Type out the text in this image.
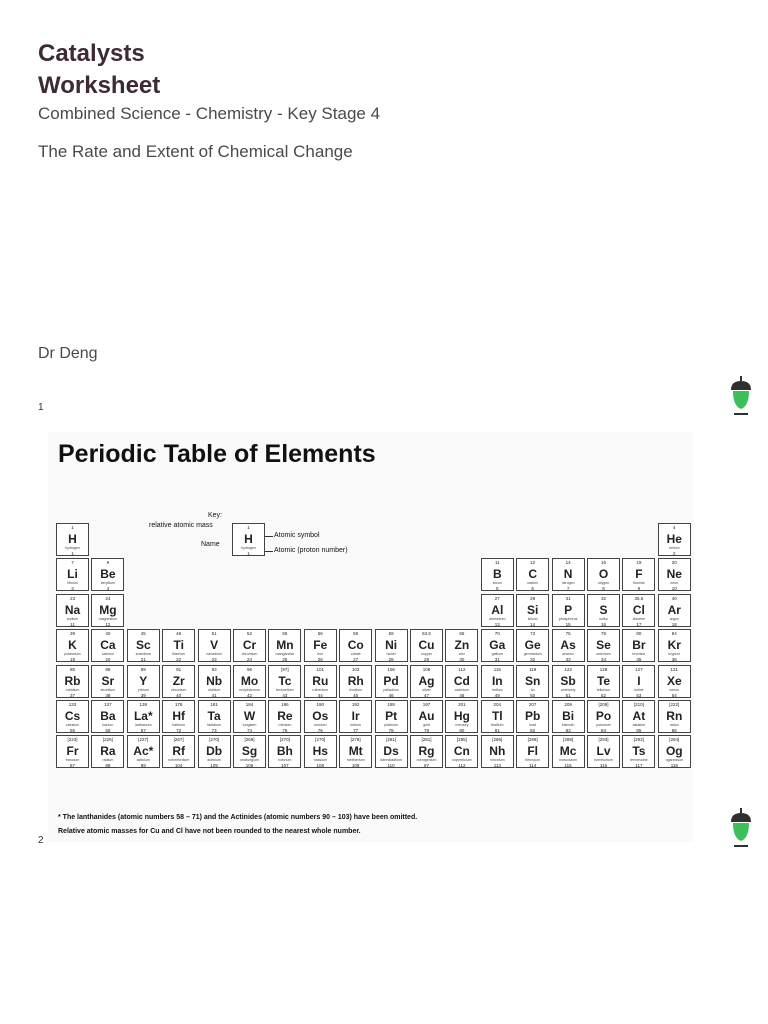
Catalysts
Worksheet
Combined Science - Chemistry - Key Stage 4
The Rate and Extent of Chemical Change
Dr Deng
1
2
Periodic Table of Elements
Key:
relative atomic mass
Name
Atomic symbol
Atomic (proton number)
1
H
hydrogen
1
1
H
hydrogen
1
4
He
helium
2
7
Li
lithium
3
9
Be
beryllium
4
11
B
boron
5
12
C
carbon
6
14
N
nitrogen
7
16
O
oxygen
8
19
F
fluorine
9
20
Ne
neon
10
23
Na
sodium
11
24
Mg
magnesium
12
27
Al
aluminium
13
28
Si
silicon
14
31
P
phosphorus
15
32
S
sulfur
16
35.5
Cl
chlorine
17
40
Ar
argon
18
39
K
potassium
19
40
Ca
calcium
20
45
Sc
scandium
21
48
Ti
titanium
22
51
V
vanadium
23
52
Cr
chromium
24
55
Mn
manganese
25
56
Fe
iron
26
59
Co
cobalt
27
59
Ni
nickel
28
63.5
Cu
copper
29
65
Zn
zinc
30
70
Ga
gallium
31
73
Ge
germanium
32
75
As
arsenic
33
79
Se
selenium
34
80
Br
bromine
35
84
Kr
krypton
36
85
Rb
rubidium
37
88
Sr
strontium
38
89
Y
yttrium
39
91
Zr
zirconium
40
93
Nb
niobium
41
96
Mo
molybdenum
42
[97]
Tc
technetium
43
101
Ru
ruthenium
44
103
Rh
rhodium
45
106
Pd
palladium
46
108
Ag
silver
47
112
Cd
cadmium
48
115
In
indium
49
119
Sn
tin
50
122
Sb
antimony
51
128
Te
tellurium
52
127
I
iodine
53
131
Xe
xenon
54
133
Cs
caesium
55
137
Ba
barium
56
139
La*
lanthanum
57
178
Hf
hafnium
72
181
Ta
tantalum
73
184
W
tungsten
74
186
Re
rhenium
75
190
Os
osmium
76
192
Ir
iridium
77
195
Pt
platinum
78
197
Au
gold
79
201
Hg
mercury
80
204
Tl
thallium
81
207
Pb
lead
82
209
Bi
bismuth
83
[209]
Po
polonium
84
[210]
At
astatine
85
[222]
Rn
radon
86
[223]
Fr
francium
87
[226]
Ra
radium
88
[227]
Ac*
actinium
89
[267]
Rf
rutherfordium
104
[270]
Db
dubnium
105
[269]
Sg
seaborgium
106
[270]
Bh
bohrium
107
[270]
Hs
hassium
108
[278]
Mt
meitnerium
109
[281]
Ds
darmstadtium
110
[281]
Rg
roentgenium
87
[285]
Cn
copernicium
112
[286]
Nh
nihonium
113
[289]
Fl
flerovium
114
[289]
Mc
moscovium
115
[293]
Lv
livermorium
116
[293]
Ts
tennessine
117
[294]
Og
oganesson
118
* The lanthanides (atomic numbers 58 – 71) and the Actinides (atomic numbers 90 – 103) have been omitted.
Relative atomic masses for Cu and Cl have not been rounded to the nearest whole number.
